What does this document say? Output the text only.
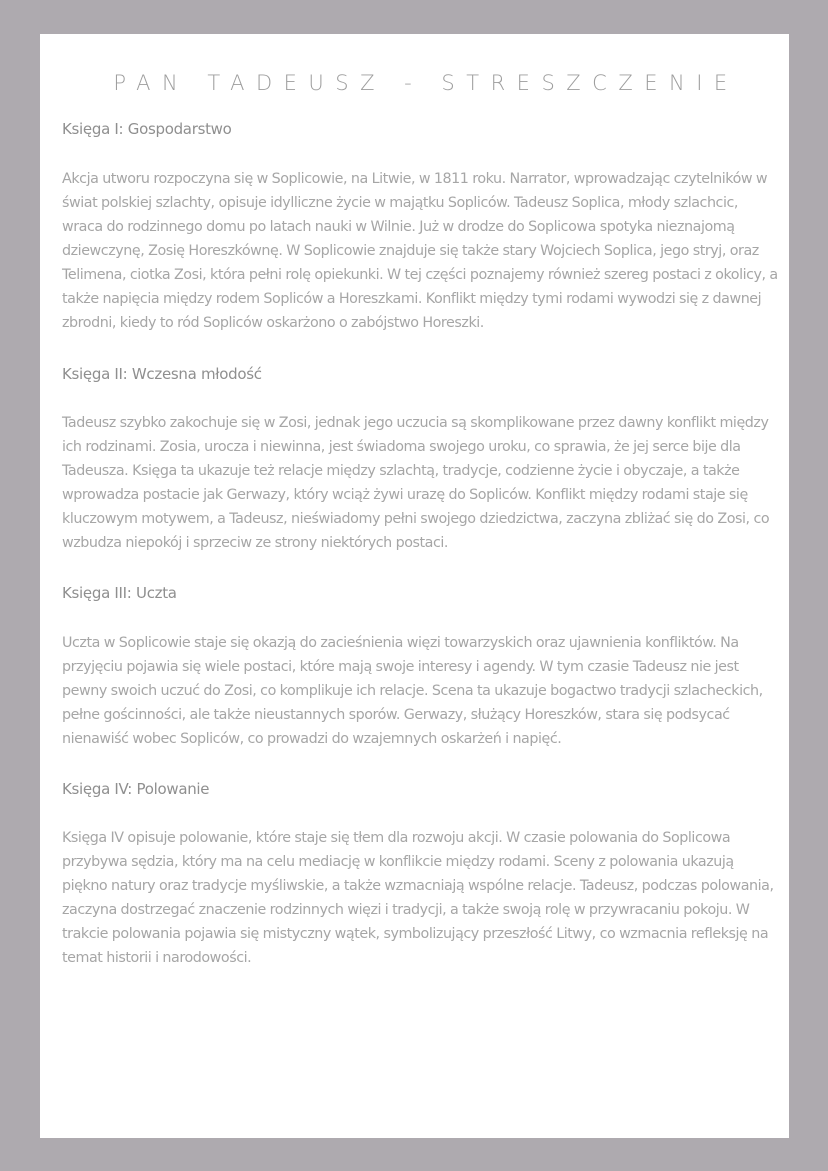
PAN TADEUSZ - STRESZCZENIE
Księga I: Gospodarstwo

Akcja utworu rozpoczyna się w Soplicowie, na Litwie, w 1811 roku. Narrator, wprowadzając czytelników w świat polskiej szlachty, opisuje idylliczne życie w majątku Sopliców. Tadeusz Soplica, młody szlachcic, wraca do rodzinnego domu po latach nauki w Wilnie. Już w drodze do Soplicowa spotyka nieznajomą dziewczynę, Zosię Horeszkównę. W Soplicowie znajduje się także stary Wojciech Soplica, jego stryj, oraz Telimena, ciotka Zosi, która pełni rolę opiekunki. W tej części poznajemy również szereg postaci z okolicy, a także napięcia między rodem Sopliców a Horeszkami. Konflikt między tymi rodami wywodzi się z dawnej zbrodni, kiedy to ród Sopliców oskarżono o zabójstwo Horeszki.

Księga II: Wczesna młodość

Tadeusz szybko zakochuje się w Zosi, jednak jego uczucia są skomplikowane przez dawny konflikt między ich rodzinami. Zosia, urocza i niewinna, jest świadoma swojego uroku, co sprawia, że jej serce bije dla Tadeusza. Księga ta ukazuje też relacje między szlachtą, tradycje, codzienne życie i obyczaje, a także wprowadza postacie jak Gerwazy, który wciąż żywi urazę do Sopliców. Konflikt między rodami staje się kluczowym motywem, a Tadeusz, nieświadomy pełni swojego dziedzictwa, zaczyna zbliżać się do Zosi, co wzbudza niepokój i sprzeciw ze strony niektórych postaci.

Księga III: Uczta

Uczta w Soplicowie staje się okazją do zacieśnienia więzi towarzyskich oraz ujawnienia konfliktów. Na przyjęciu pojawia się wiele postaci, które mają swoje interesy i agendy. W tym czasie Tadeusz nie jest pewny swoich uczuć do Zosi, co komplikuje ich relacje. Scena ta ukazuje bogactwo tradycji szlacheckich, pełne gościnności, ale także nieustannych sporów. Gerwazy, służący Horeszków, stara się podsycać nienawiść wobec Sopliców, co prowadzi do wzajemnych oskarżeń i napięć.

Księga IV: Polowanie

Księga IV opisuje polowanie, które staje się tłem dla rozwoju akcji. W czasie polowania do Soplicowa przybywa sędzia, który ma na celu mediację w konflikcie między rodami. Sceny z polowania ukazują piękno natury oraz tradycje myśliwskie, a także wzmacniają wspólne relacje. Tadeusz, podczas polowania, zaczyna dostrzegać znaczenie rodzinnych więzi i tradycji, a także swoją rolę w przywracaniu pokoju. W trakcie polowania pojawia się mistyczny wątek, symbolizujący przeszłość Litwy, co wzmacnia refleksję na temat historii i narodowości.
